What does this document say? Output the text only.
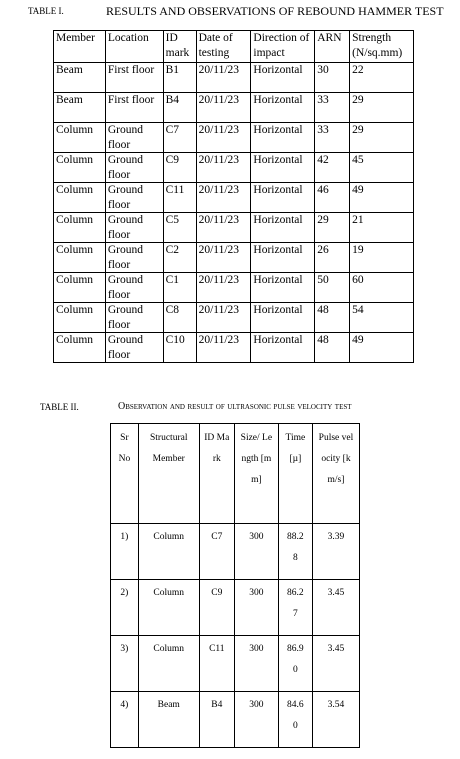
TABLE I.	RESULTS AND OBSERVATIONS OF REBOUND HAMMER TEST
Member	Location	ID mark	Date of testing	Direction of impact	ARN	Strength (N/sq.mm)
Beam	First floor	B1	20/11/23	Horizontal	30	22
Beam	First floor	B4	20/11/23	Horizontal	33	29
Column	Ground floor	C7	20/11/23	Horizontal	33	29
Column	Ground floor	C9	20/11/23	Horizontal	42	45
Column	Ground floor	C11	20/11/23	Horizontal	46	49
Column	Ground floor	C5	20/11/23	Horizontal	29	21
Column	Ground floor	C2	20/11/23	Horizontal	26	19
Column	Ground floor	C1	20/11/23	Horizontal	50	60
Column	Ground floor	C8	20/11/23	Horizontal	48	54
Column	Ground floor	C10	20/11/23	Horizontal	48	49
TABLE II.	Observation and result of ultrasonic pulse velocity test
Sr No	Structural Member	ID Mark	Size/ Length [mm]	Time [µ]	Pulse velocity [km/s]

1)	Column	C7	300	88.28	3.39

2)	Column	C9	300	86.27	3.45

3)	Column	C11	300	86.90	3.45

4)	Beam	B4	300	84.60	3.54
